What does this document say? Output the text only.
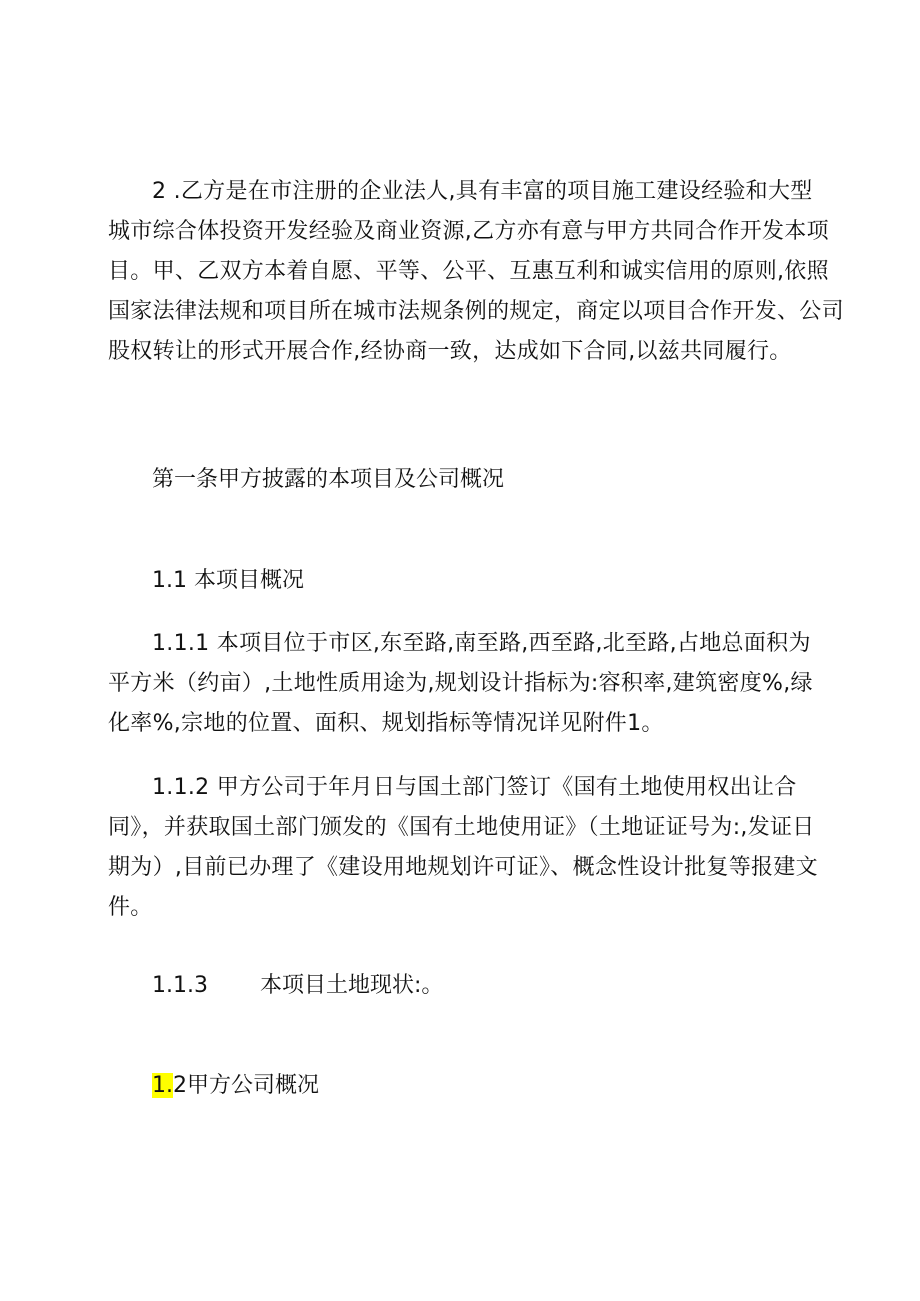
2 .乙方是在市注册的企业法人,具有丰富的项目施工建设经验和大型
城市综合体投资开发经验及商业资源,乙方亦有意与甲方共同合作开发本项
目。甲、乙双方本着自愿、平等、公平、互惠互利和诚实信用的原则,依照
国家法律法规和项目所在城市法规条例的规定，商定以项目合作开发、公司
股权转让的形式开展合作,经协商一致，达成如下合同,以兹共同履行。
第一条甲方披露的本项目及公司概况
1.1 本项目概况
1.1.1 本项目位于市区,东至路,南至路,西至路,北至路,占地总面积为
平方米（约亩）,土地性质用途为,规划设计指标为:容积率,建筑密度%,绿
化率%,宗地的位置、面积、规划指标等情况详见附件1。
1.1.2 甲方公司于年月日与国土部门签订《国有土地使用权出让合
同》，并获取国土部门颁发的《国有土地使用证》（土地证证号为:,发证日
期为）,目前已办理了《建设用地规划许可证》、概念性设计批复等报建文
件。
1.1.3 本项目土地现状:。
1.2甲方公司概况
